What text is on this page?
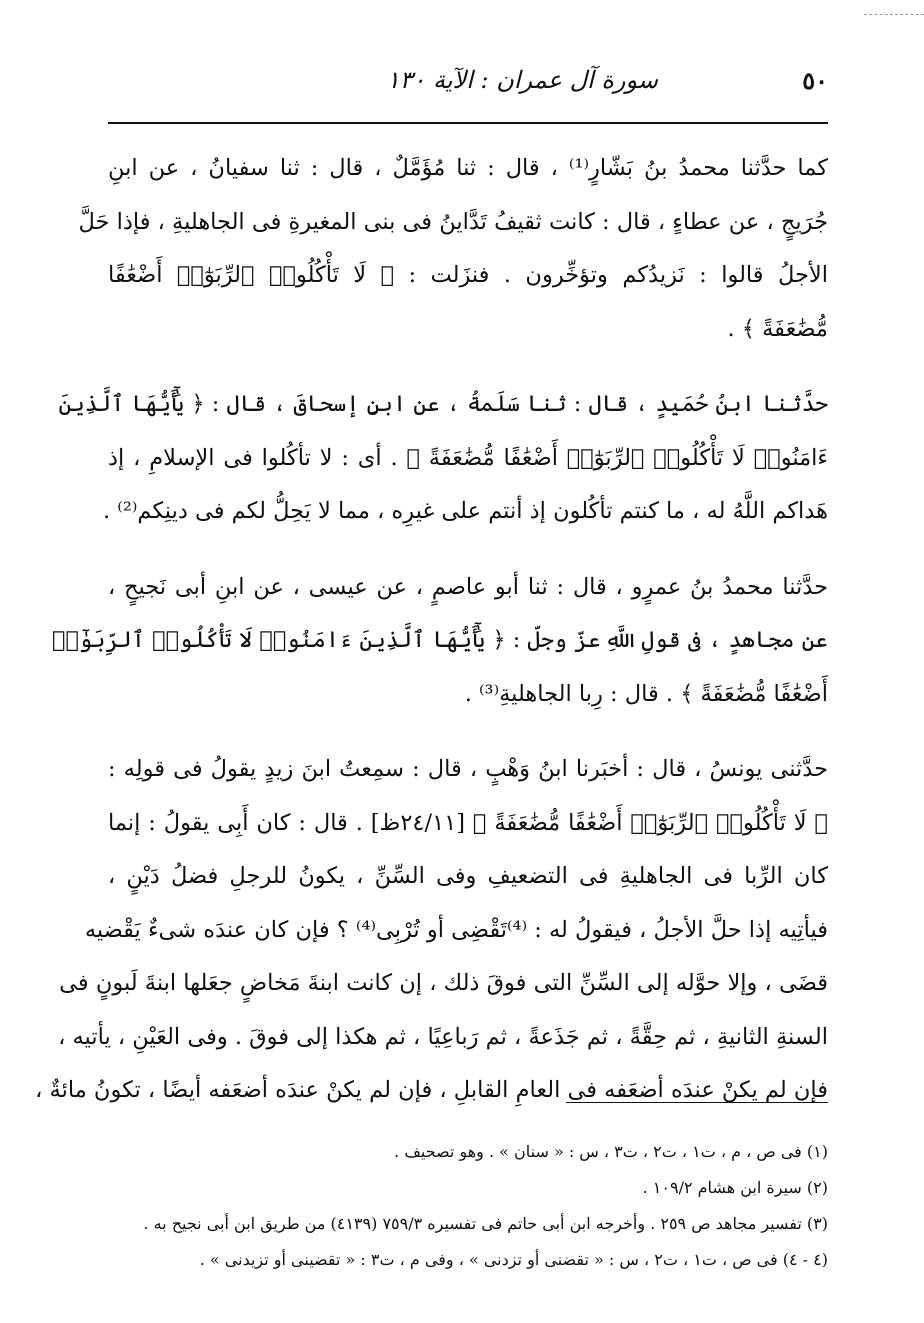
٥٠
سورة آل عمران : الآية ١٣٠

كما حدَّثنا محمدُ بنُ بَشّارٍ⁽¹⁾ ، قال : ثنا مُؤَمَّلٌ ، قال : ثنا سفيانُ ، عن ابنِ
جُرَيجٍ ، عن عطاءٍ ، قال : كانت ثقيفُ تَدَّاينُ فى بنى المغيرةِ فى الجاهليةِ ، فإذا حَلَّ
الأجلُ قالوا : نَزيدُكم وتؤخِّرون . فنزَلت : ﴿ لَا تَأْكُلُوا۟ ٱلرِّبَوٰٓا۟ أَضْعَٰفًا
مُّضَٰعَفَةً ﴾ .

حدَّثنا ابنُ حُمَيدٍ ، قال : ثنا سَلَمةُ ، عن ابنِ إسحاقَ ، قال : ﴿ يَٰٓأَيُّهَا ٱلَّذِينَ
ءَامَنُوا۟ لَا تَأْكُلُوا۟ ٱلرِّبَوٰٓا۟ أَضْعَٰفًا مُّضَٰعَفَةً ﴾ . أى : لا تأكُلوا فى الإسلامِ ، إذ
هَداكم اللَّهُ له ، ما كنتم تأكُلون إذ أنتم على غيرِه ، مما لا يَحِلُّ لكم فى دينِكم⁽²⁾ .

حدَّثنا محمدُ بنُ عمرٍو ، قال : ثنا أبو عاصمٍ ، عن عيسى ، عن ابنِ أبى نَجيحٍ ،
عن مجاهدٍ ، فى قولِ اللَّهِ عزّ وجلّ : ﴿ يَٰٓأَيُّهَا ٱلَّذِينَ ءَامَنُوا۟ لَا تَأْكُلُوا۟ ٱلرِّبَوٰٓا۟
أَضْعَٰفًا مُّضَٰعَفَةً ﴾ . قال : رِبا الجاهليةِ⁽³⁾ .

حدَّثنى يونسُ ، قال : أخبَرنا ابنُ وَهْبٍ ، قال : سمِعتُ ابنَ زيدٍ يقولُ فى قولِه :
﴿ لَا تَأْكُلُوا۟ ٱلرِّبَوٰٓا۟ أَضْعَٰفًا مُّضَٰعَفَةً ﴾ [٢٤/١١ظ] . قال : كان أَبِى يقولُ : إنما
كان الرِّبا فى الجاهليةِ فى التضعيفِ وفى السِّنِّ ، يكونُ للرجلِ فضلُ دَيْنٍ ،
فيأتِيه إذا حلَّ الأجلُ ، فيقولُ له : ⁽⁴⁾تَقْضِى أو تُرْبِى⁽⁴⁾ ؟ فإن كان عندَه شىءٌ يَقْضيه
قضَى ، وإلا حوَّله إلى السِّنِّ التى فوقَ ذلك ، إن كانت ابنةَ مَخاضٍ جعَلها ابنةَ لَبونٍ فى
السنةِ الثانيةِ ، ثم حِقَّةً ، ثم جَذَعةً ، ثم رَباعِيًا ، ثم هكذا إلى فوقَ . وفى العَيْنِ ، يأتيه ،
فإن لم يكنْ عندَه أضعَفه فى العامِ القابلِ ، فإن لم يكنْ عندَه أضعَفه أيضًا ، تكونُ مائةٌ ،

(١) فى ص ، م ، ت١ ، ت٢ ، ت٣ ، س : « سنان » . وهو تصحيف .
(٢) سيرة ابن هشام ١٠٩/٢ .
(٣) تفسير مجاهد ص ٢٥٩ . وأخرجه ابن أبى حاتم فى تفسيره ٧٥٩/٣ (٤١٣٩) من طريق ابن أبى نجيح به .
(٤ - ٤) فى ص ، ت١ ، ت٢ ، س : « تقضنى أو تزدنى » ، وفى م ، ت٣ : « تقضينى أو تزيدنى » .
